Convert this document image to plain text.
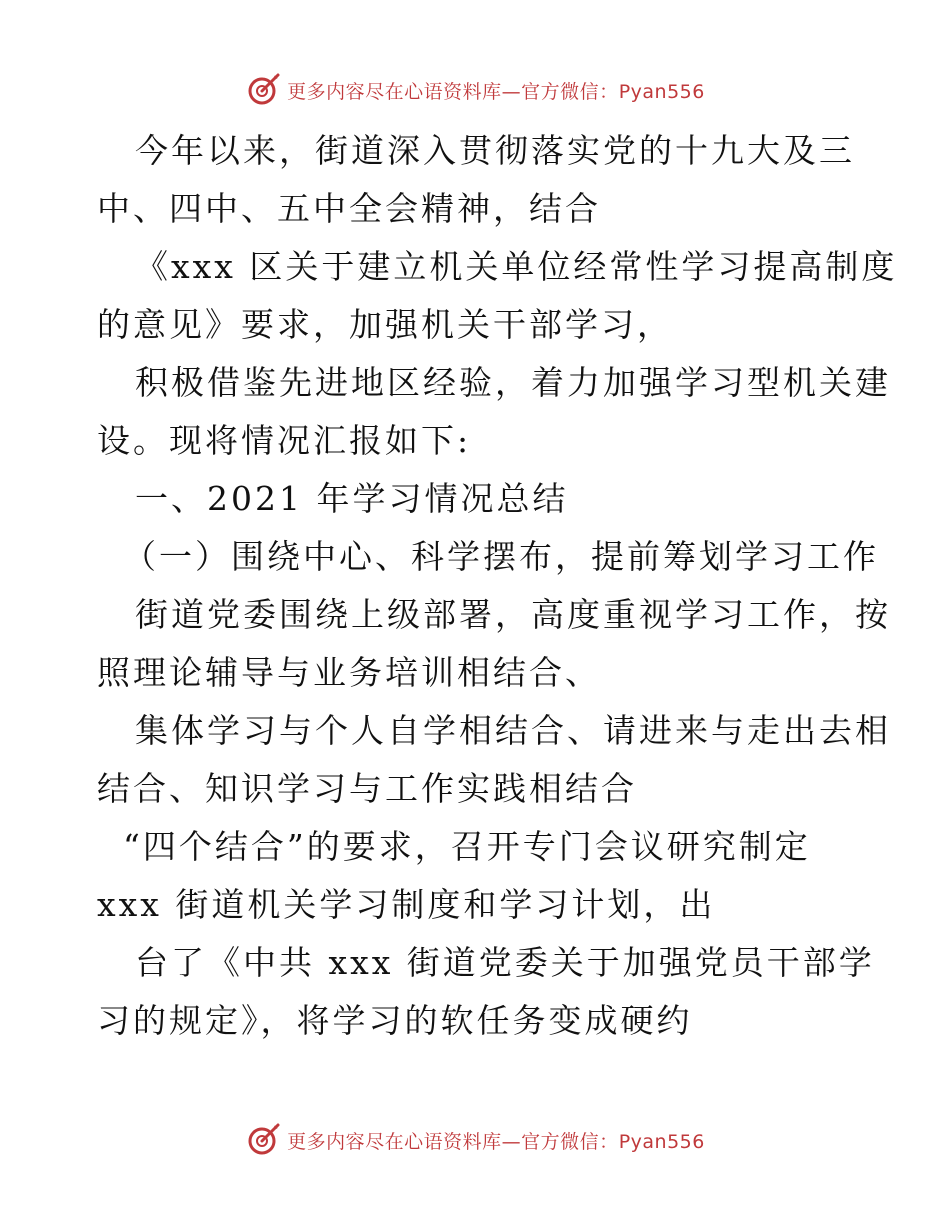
更多内容尽在心语资料库—官方微信：Pyan556
今年以来，街道深入贯彻落实党的十九大及三
中、四中、五中全会精神，结合
《xxx 区关于建立机关单位经常性学习提高制度
的意见》要求，加强机关干部学习，
积极借鉴先进地区经验，着力加强学习型机关建
设。现将情况汇报如下:
一、2021 年学习情况总结
（一）围绕中心、科学摆布，提前筹划学习工作
街道党委围绕上级部署，高度重视学习工作，按
照理论辅导与业务培训相结合、
集体学习与个人自学相结合、请进来与走出去相
结合、知识学习与工作实践相结合
“四个结合”的要求，召开专门会议研究制定
xxx 街道机关学习制度和学习计划，出
台了《中共 xxx 街道党委关于加强党员干部学
习的规定》，将学习的软任务变成硬约
更多内容尽在心语资料库—官方微信：Pyan556
